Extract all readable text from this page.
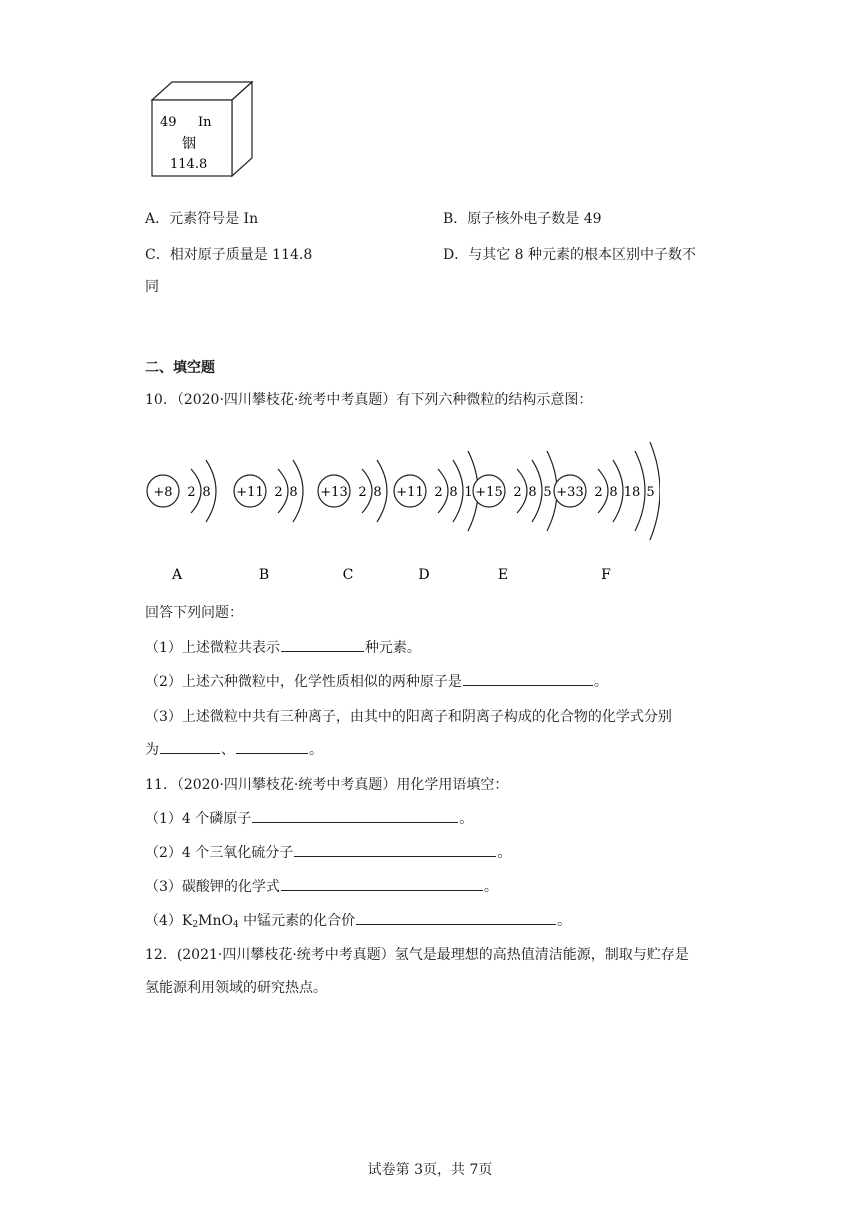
49 In
铟
114.8
A．元素符号是 In	B．原子核外电子数是 49
C．相对原子质量是 114.8	D．与其它 8 种元素的根本区别中子数不
同
二、填空题
10．（2020·四川攀枝花·统考中考真题）有下列六种微粒的结构示意图：
+8 2 8
A
+11 2 8
B
+13 2 8
C
+11 2 8 1
D
+15 2 8 5
E
+33 2 8 18 5
F
回答下列问题：
（1）上述微粒共表示	种元素。
（2）上述六种微粒中，化学性质相似的两种原子是	。
（3）上述微粒中共有三种离子，由其中的阳离子和阴离子构成的化合物的化学式分别
为	、	。
11．（2020·四川攀枝花·统考中考真题）用化学用语填空：
（1）4 个磷原子	。
（2）4 个三氧化硫分子	。
（3）碳酸钾的化学式	。
$(4)K_2MnO_4$ 中锰元素的化合价	。
12．(2021·四川攀枝花·统考中考真题）氢气是最理想的高热值清洁能源，制取与贮存是
氢能源利用领域的研究热点。
试卷第 3页，共 7页
